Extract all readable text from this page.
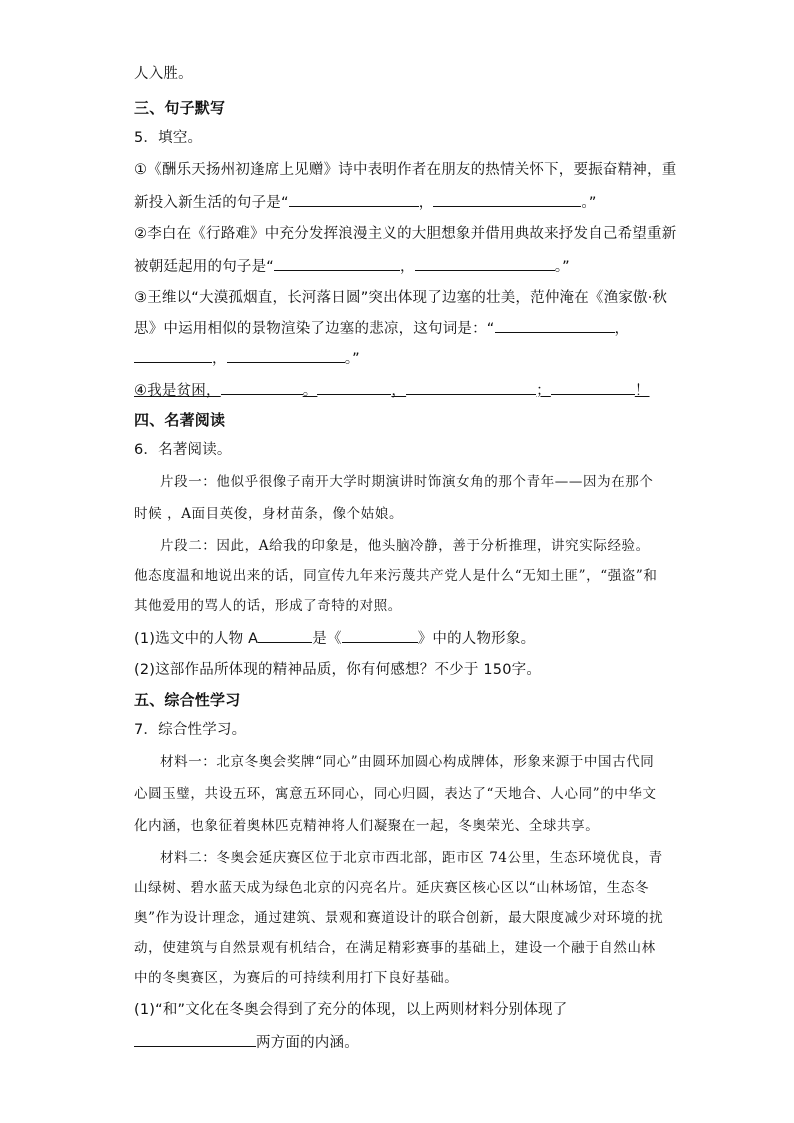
人入胜。
三、句子默写
5．填空。
①《酬乐天扬州初逢席上见赠》诗中表明作者在朋友的热情关怀下，要振奋精神，重
新投入新生活的句子是“	，	。”
②李白在《行路难》中充分发挥浪漫主义的大胆想象并借用典故来抒发自己希望重新
被朝廷起用的句子是“	，	。”
③王维以“大漠孤烟直，长河落日圆”突出体现了边塞的壮美，范仲淹在《渔家傲·秋
思》中运用相似的景物渲染了边塞的悲凉，这句词是：“	，
，	。”
④我是贫困，	。	，	；	！
四、名著阅读
6．名著阅读。
片段一：他似乎很像子南开大学时期演讲时饰演女角的那个青年——因为在那个
时候 ，A面目英俊，身材苗条，像个姑娘。
片段二：因此，A给我的印象是，他头脑冷静，善于分析推理，讲究实际经验。
他态度温和地说出来的话，同宣传九年来污蔑共产党人是什么“无知土匪”，“强盗”和
其他爱用的骂人的话，形成了奇特的对照。
(1)选文中的人物 A	是《	》中的人物形象。
(2)这部作品所体现的精神品质，你有何感想？不少于 150字。
五、综合性学习
7．综合性学习。
材料一：北京冬奥会奖牌“同心”由圆环加圆心构成牌体，形象来源于中国古代同
心圆玉璧，共设五环，寓意五环同心，同心归圆，表达了“天地合、人心同”的中华文
化内涵，也象征着奥林匹克精神将人们凝聚在一起，冬奥荣光、全球共享。
材料二：冬奥会延庆赛区位于北京市西北部，距市区 74公里，生态环境优良，青
山绿树、碧水蓝天成为绿色北京的闪亮名片。延庆赛区核心区以“山林场馆，生态冬
奥”作为设计理念，通过建筑、景观和赛道设计的联合创新，最大限度减少对环境的扰
动，使建筑与自然景观有机结合，在满足精彩赛事的基础上，建设一个融于自然山林
中的冬奥赛区，为赛后的可持续利用打下良好基础。
(1)“和”文化在冬奥会得到了充分的体现，以上两则材料分别体现了
两方面的内涵。
